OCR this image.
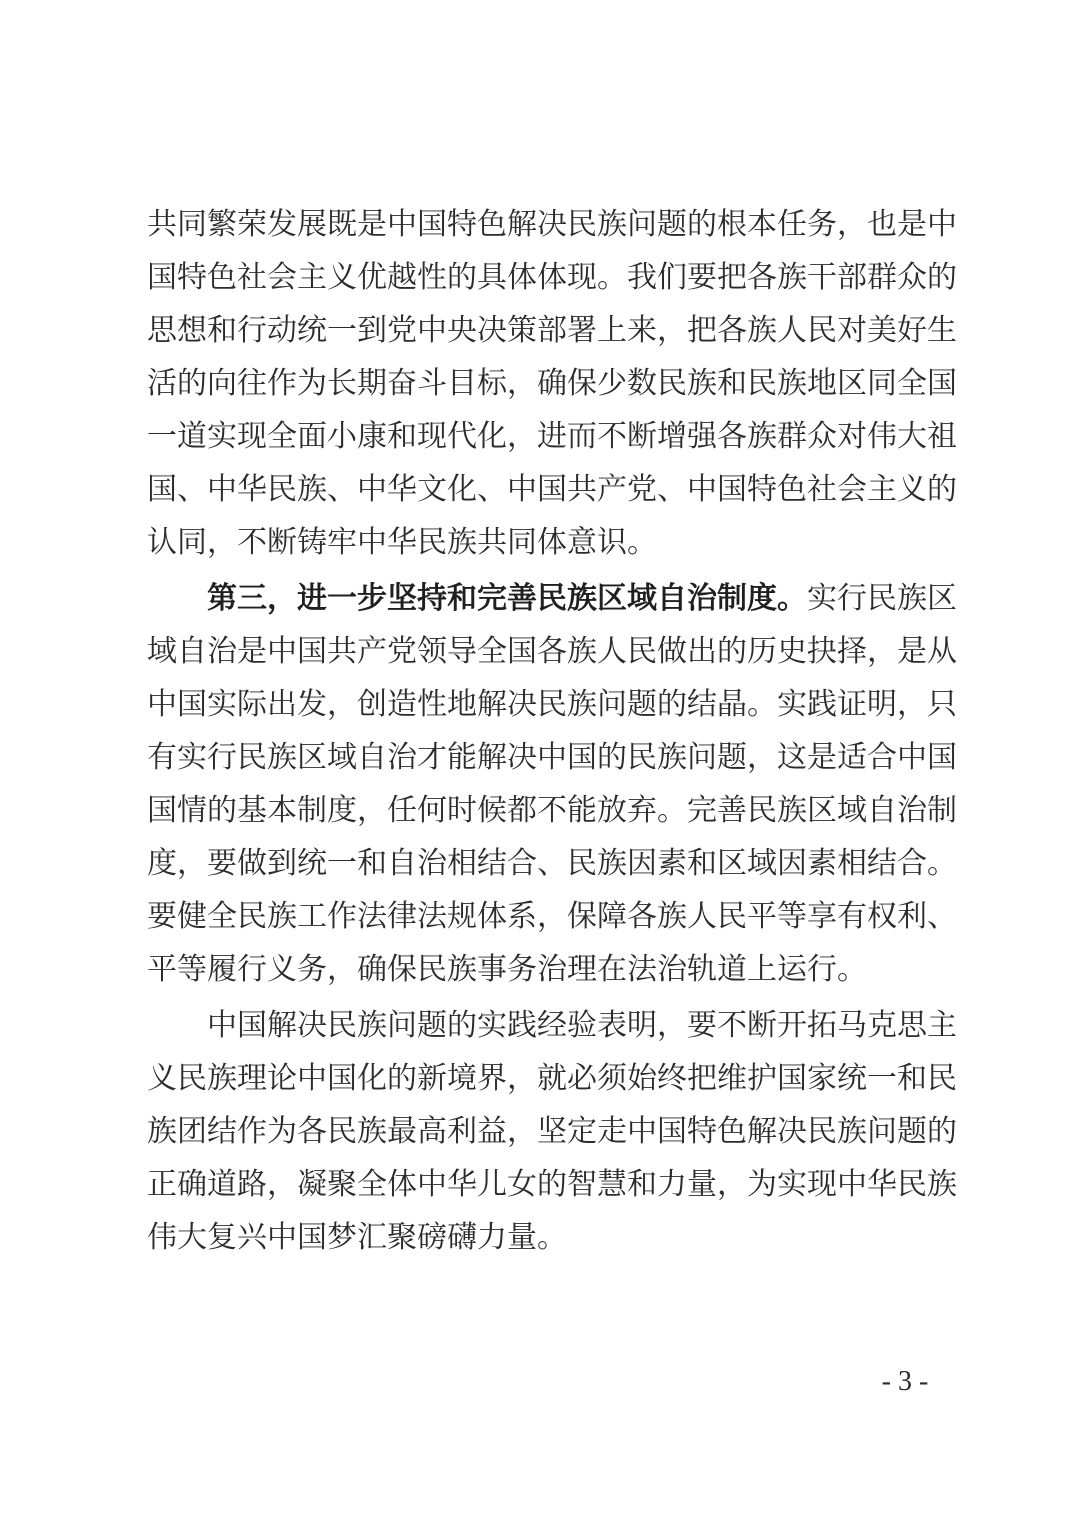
共同繁荣发展既是中国特色解决民族问题的根本任务，也是中
国特色社会主义优越性的具体体现。我们要把各族干部群众的
思想和行动统一到党中央决策部署上来，把各族人民对美好生
活的向往作为长期奋斗目标，确保少数民族和民族地区同全国
一道实现全面小康和现代化，进而不断增强各族群众对伟大祖
国、中华民族、中华文化、中国共产党、中国特色社会主义的
认同，不断铸牢中华民族共同体意识。
第三，进一步坚持和完善民族区域自治制度。实行民族区
域自治是中国共产党领导全国各族人民做出的历史抉择，是从
中国实际出发，创造性地解决民族问题的结晶。实践证明，只
有实行民族区域自治才能解决中国的民族问题，这是适合中国
国情的基本制度，任何时候都不能放弃。完善民族区域自治制
度，要做到统一和自治相结合、民族因素和区域因素相结合。
要健全民族工作法律法规体系，保障各族人民平等享有权利、
平等履行义务，确保民族事务治理在法治轨道上运行。
中国解决民族问题的实践经验表明，要不断开拓马克思主
义民族理论中国化的新境界，就必须始终把维护国家统一和民
族团结作为各民族最高利益，坚定走中国特色解决民族问题的
正确道路，凝聚全体中华儿女的智慧和力量，为实现中华民族
伟大复兴中国梦汇聚磅礴力量。
- 3 -
